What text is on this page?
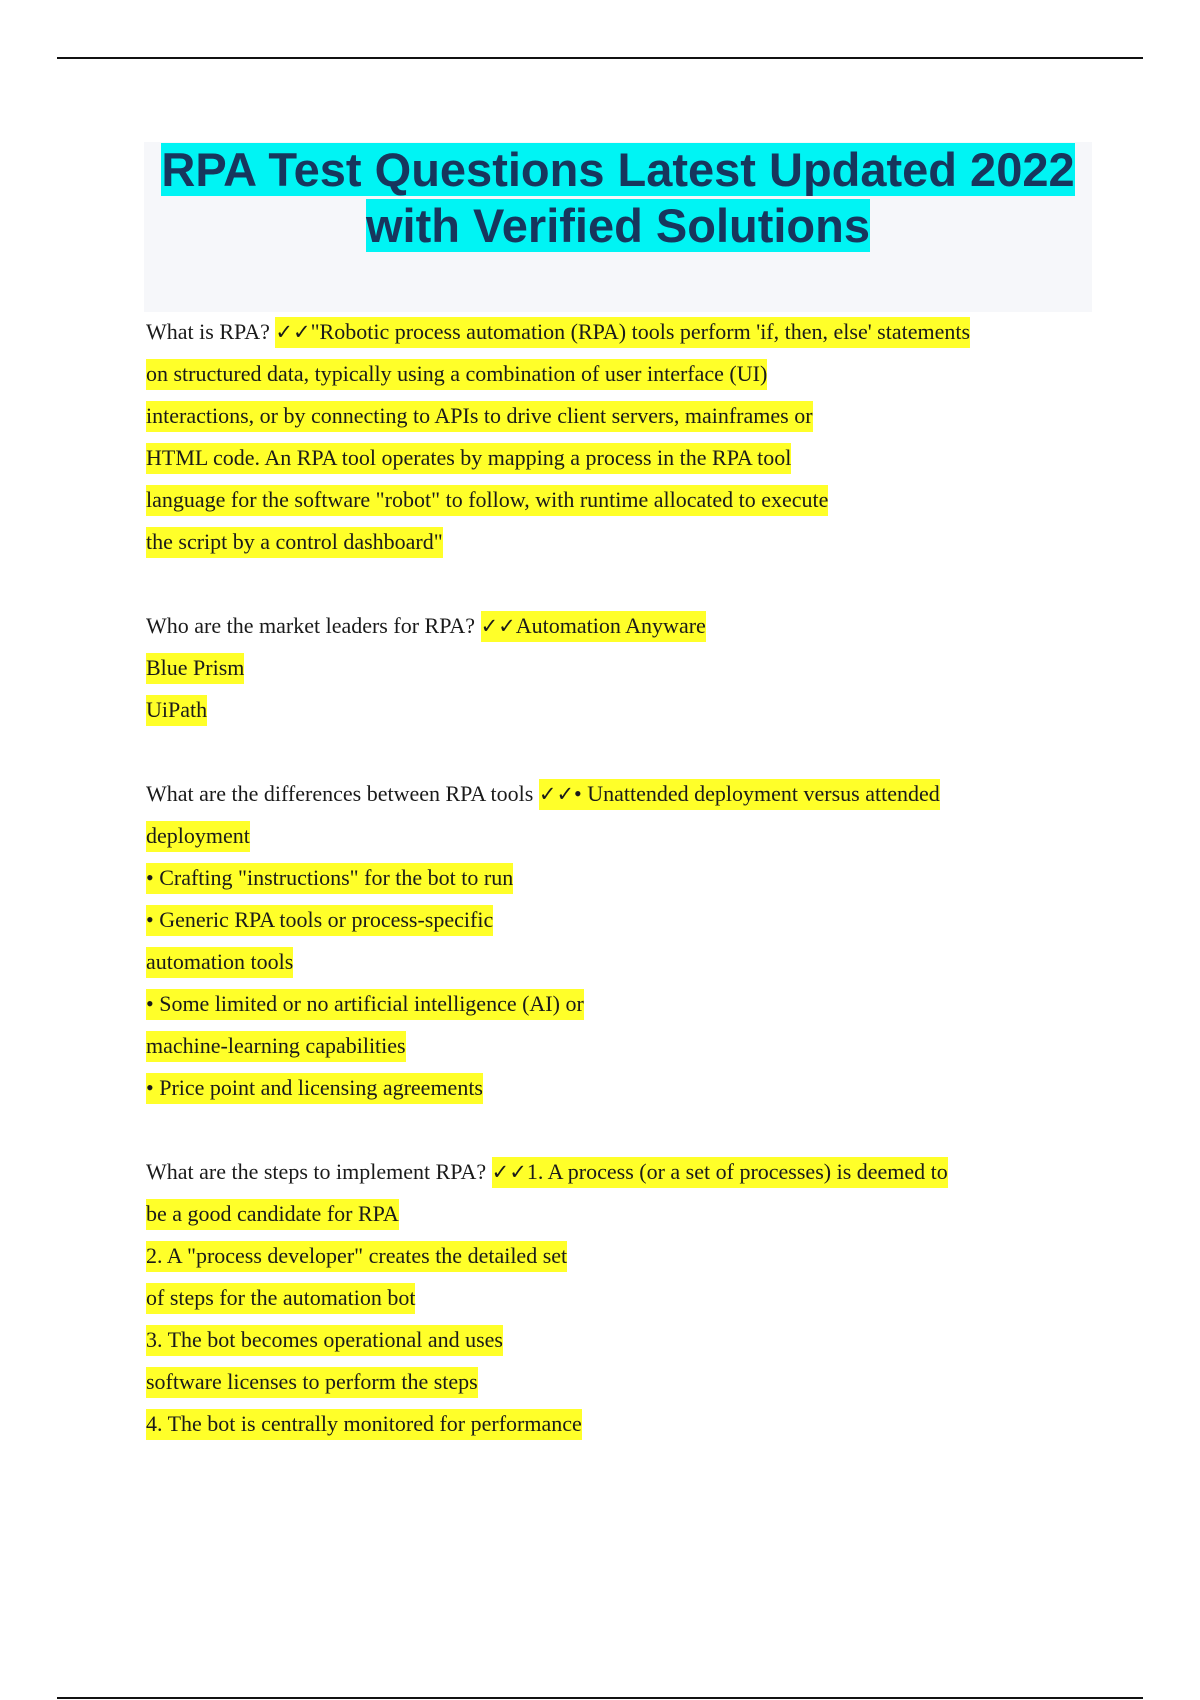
RPA Test Questions Latest Updated 2022
with Verified Solutions
What is RPA? ✓✓"Robotic process automation (RPA) tools perform 'if, then, else' statements
on structured data, typically using a combination of user interface (UI)
interactions, or by connecting to APIs to drive client servers, mainframes or
HTML code. An RPA tool operates by mapping a process in the RPA tool
language for the software "robot" to follow, with runtime allocated to execute
the script by a control dashboard"
Who are the market leaders for RPA? ✓✓Automation Anyware
Blue Prism
UiPath
What are the differences between RPA tools ✓✓• Unattended deployment versus attended
deployment
• Crafting "instructions" for the bot to run
• Generic RPA tools or process-specific
automation tools
• Some limited or no artificial intelligence (AI) or
machine-learning capabilities
• Price point and licensing agreements
What are the steps to implement RPA? ✓✓1. A process (or a set of processes) is deemed to
be a good candidate for RPA
2. A "process developer" creates the detailed set
of steps for the automation bot
3. The bot becomes operational and uses
software licenses to perform the steps
4. The bot is centrally monitored for performance
